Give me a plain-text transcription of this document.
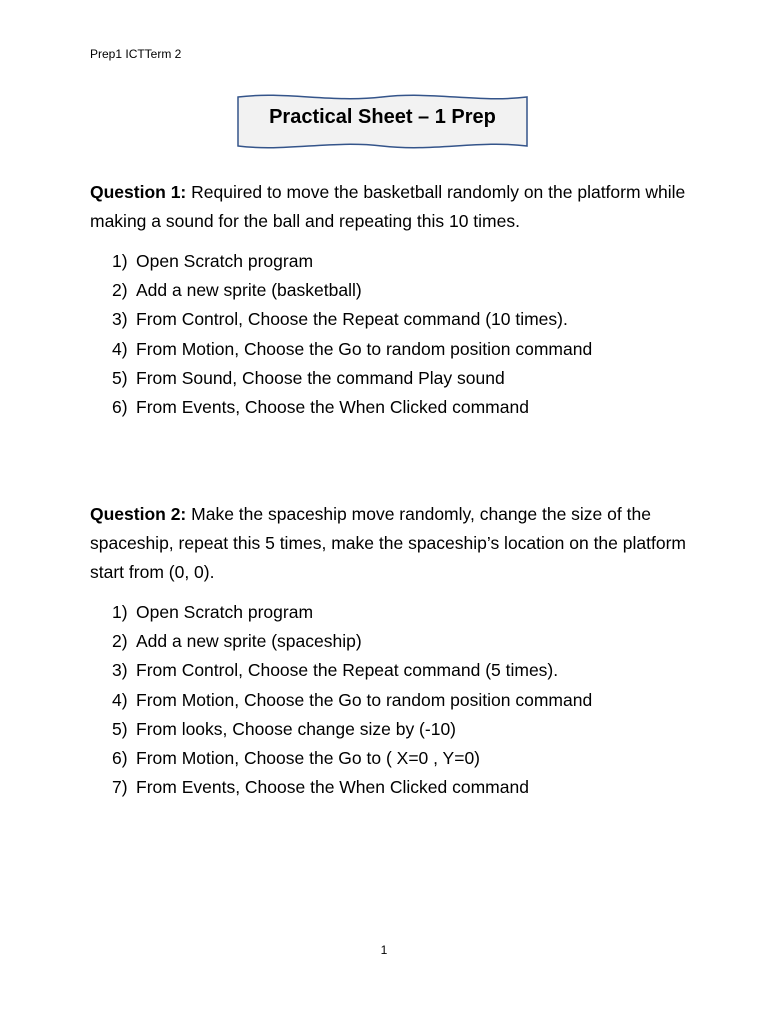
Prep1 ICTTerm 2
Practical Sheet – 1 Prep
Question 1: Required to move the basketball randomly on the platform while making a sound for the ball and repeating this 10 times.
1) Open Scratch program
2) Add a new sprite (basketball)
3) From Control, Choose the Repeat command (10 times).
4) From Motion, Choose the Go to random position command
5) From Sound, Choose the command Play sound
6) From Events, Choose the When Clicked command
Question 2: Make the spaceship move randomly, change the size of the spaceship, repeat this 5 times, make the spaceship’s location on the platform start from (0, 0).
1) Open Scratch program
2) Add a new sprite (spaceship)
3) From Control, Choose the Repeat command (5 times).
4) From Motion, Choose the Go to random position command
5) From looks, Choose change size by (-10)
6) From Motion, Choose the Go to ( X=0 , Y=0)
7) From Events, Choose the When Clicked command
1
